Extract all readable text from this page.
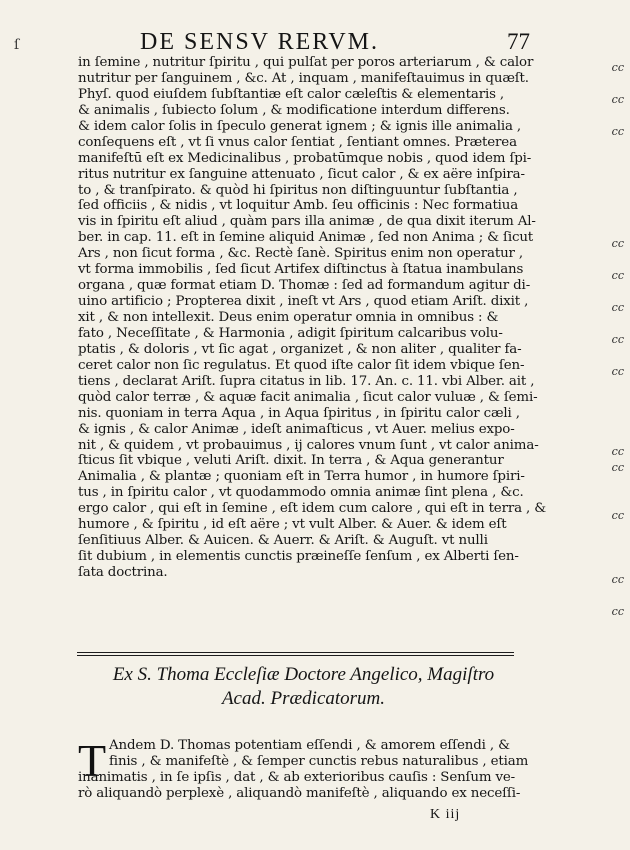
ſ	DE SENSV RERVM.	77
in ſemine , nutritur ſpiritu , qui pulſat per poros arteriarum , & calor
nutritur per ſanguinem , &c. At , inquam , manifeſtauimus in quæſt.
Phyſ. quod eiuſdem ſubſtantiæ eſt calor cæleſtis & elementaris ,
& animalis , ſubiecto ſolum , & modificatione interdum differens.
& idem calor ſolis in ſpeculo generat ignem ; & ignis ille animalia ,
conſequens eſt , vt ſi vnus calor ſentiat , ſentiant omnes. Præterea
manifeſtū eſt ex Medicinalibus , probatūmque nobis , quod idem ſpi-
ritus nutritur ex ſanguine attenuato , ſicut calor , & ex aëre inſpira-
to , & tranſpirato. & quòd hi ſpiritus non diſtinguuntur ſubſtantia ,
ſed officiis , & nidis , vt loquitur Amb. ſeu officinis : Nec formatiua
vis in ſpiritu eſt aliud , quàm pars illa animæ , de qua dixit iterum Al-
ber. in cap. 11. eſt in ſemine aliquid Animæ , ſed non Anima ; & ſicut
Ars , non ſicut forma , &c. Rectè ſanè. Spiritus enim non operatur ,
vt forma immobilis , ſed ſicut Artifex diſtinctus à ſtatua inambulans
organa , quæ format etiam D. Thomæ : ſed ad formandum agitur di-
uino artificio ; Propterea dixit , ineſt vt Ars , quod etiam Ariſt. dixit ,
xit , & non intellexit. Deus enim operatur omnia in omnibus : &
fato , Neceſſitate , & Harmonia , adigit ſpiritum calcaribus volu-
ptatis , & doloris , vt ſic agat , organizet , & non aliter , qualiter fa-
ceret calor non ſic regulatus. Et quod iſte calor ſit idem vbique ſen-
tiens , declarat Ariſt. ſupra citatus in lib. 17. An. c. 11. vbi Alber. ait ,
quòd calor terræ , & aquæ facit animalia , ſicut calor vuluæ , & ſemi-
nis. quoniam in terra Aqua , in Aqua ſpiritus , in ſpiritu calor cæli ,
& ignis , & calor Animæ , ideſt animaſticus , vt Auer. melius expo-
nit , & quidem , vt probauimus , ij calores vnum ſunt , vt calor anima-
ſticus ſit vbique , veluti Ariſt. dixit. In terra , & Aqua generantur
Animalia , & plantæ ; quoniam eſt in Terra humor , in humore ſpiri-
tus , in ſpiritu calor , vt quodammodo omnia animæ ſint plena , &c.
ergo calor , qui eſt in ſemine , eſt idem cum calore , qui eſt in terra , &
humore , & ſpiritu , id eſt aëre ; vt vult Alber. & Auer. & idem eſt
ſenſitiuus Alber. & Auicen. & Auerr. & Ariſt. & Auguſt. vt nulli
ſit dubium , in elementis cunctis præineſſe ſenſum , ex Alberti ſen-
ſata doctrina.
cc
cc
cc
cc
cc
cc
cc
cc
cc
cc
cc
cc
cc
Ex S. Thoma Eccleſiæ Doctore Angelico, Magiſtro
Acad. Prædicatorum.
T Andem D. Thomas potentiam eſſendi , & amorem eſſendi , &
finis , & manifeſtè , & ſemper cunctis rebus naturalibus , etiam
inanimatis , in ſe ipſis , dat , & ab exterioribus cauſis : Senſum ve-
rò aliquandò perplexè , aliquandò manifeſtè , aliquando ex neceſſi-
K iij
